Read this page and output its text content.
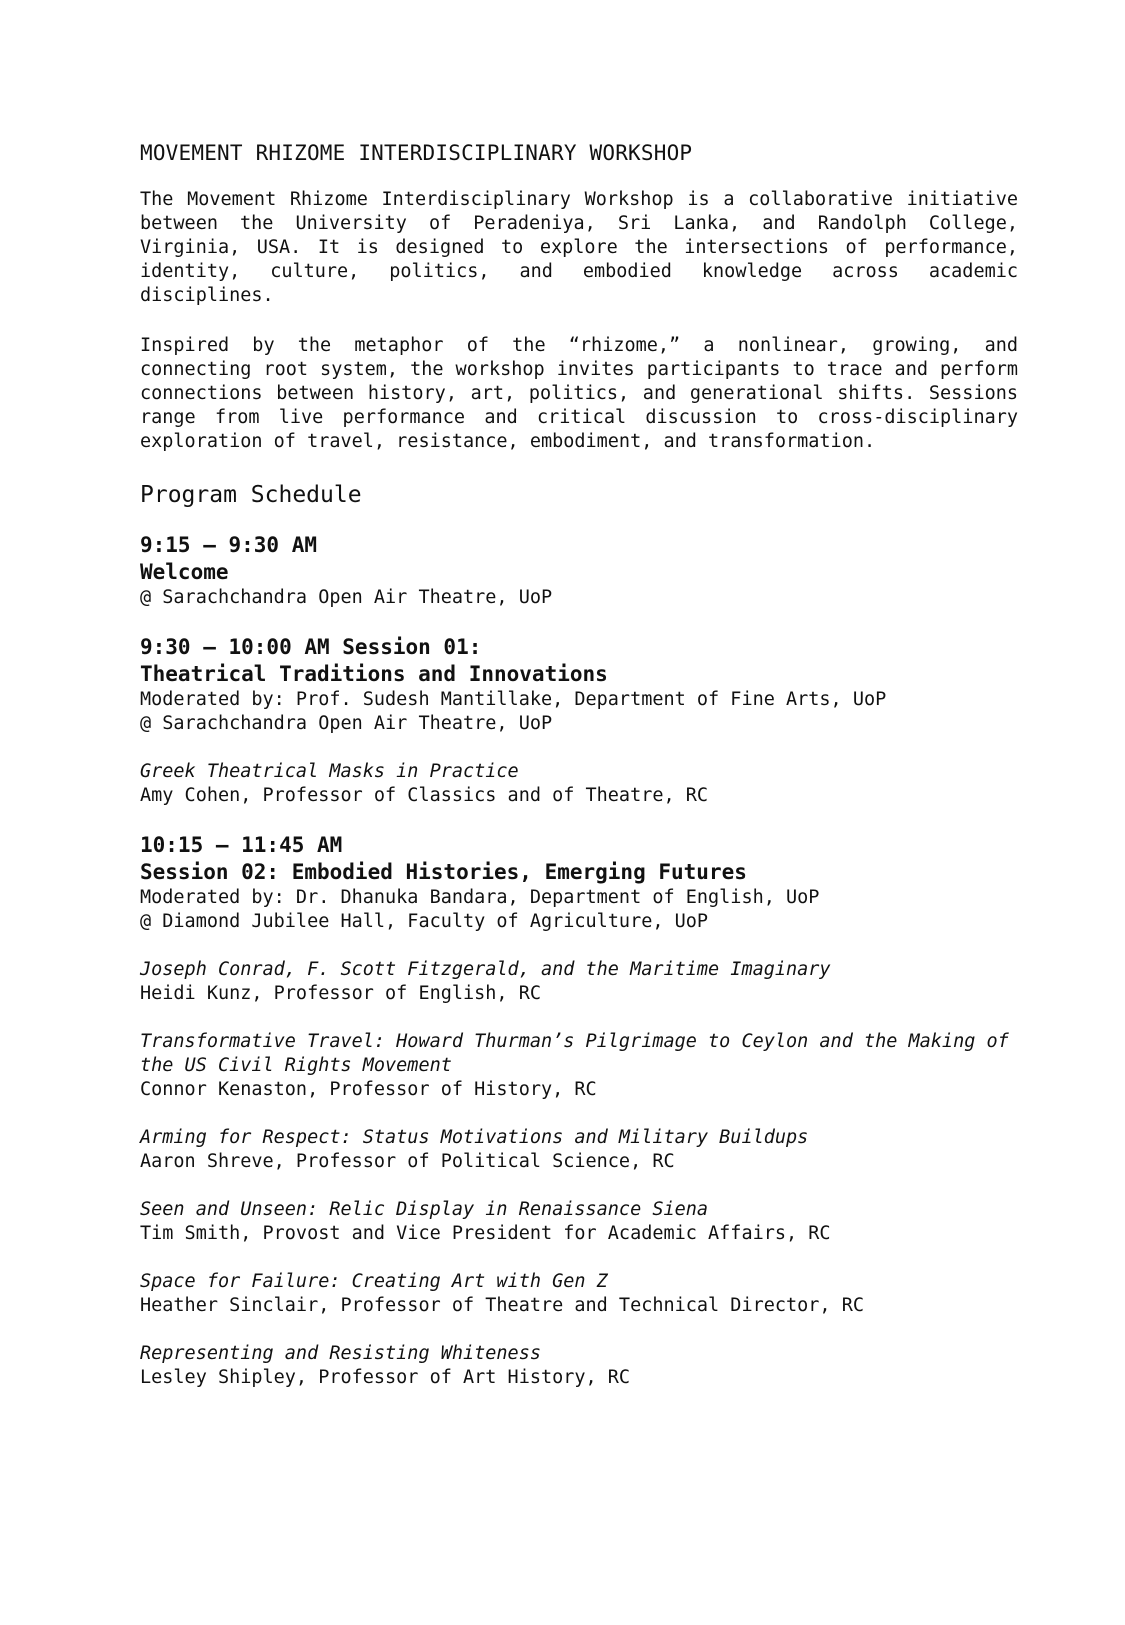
MOVEMENT RHIZOME INTERDISCIPLINARY WORKSHOP

The Movement Rhizome Interdisciplinary Workshop is a collaborative initiative between the University of Peradeniya, Sri Lanka, and Randolph College, Virginia, USA. It is designed to explore the intersections of performance, identity, culture, politics, and embodied knowledge across academic disciplines.

Inspired by the metaphor of the “rhizome,” a nonlinear, growing, and connecting root system, the workshop invites participants to trace and perform connections between history, art, politics, and generational shifts. Sessions range from live performance and critical discussion to cross-disciplinary exploration of travel, resistance, embodiment, and transformation.

Program Schedule
9:15 – 9:30 AM
Welcome
@ Sarachchandra Open Air Theatre, UoP
9:30 – 10:00 AM Session 01:
Theatrical Traditions and Innovations
Moderated by: Prof. Sudesh Mantillake, Department of Fine Arts, UoP
@ Sarachchandra Open Air Theatre, UoP
Greek Theatrical Masks in Practice
Amy Cohen, Professor of Classics and of Theatre, RC
10:15 – 11:45 AM
Session 02: Embodied Histories, Emerging Futures
Moderated by: Dr. Dhanuka Bandara, Department of English, UoP
@ Diamond Jubilee Hall, Faculty of Agriculture, UoP
Joseph Conrad, F. Scott Fitzgerald, and the Maritime Imaginary
Heidi Kunz, Professor of English, RC
Transformative Travel: Howard Thurman’s Pilgrimage to Ceylon and the Making of the US Civil Rights Movement
Connor Kenaston, Professor of History, RC
Arming for Respect: Status Motivations and Military Buildups
Aaron Shreve, Professor of Political Science, RC
Seen and Unseen: Relic Display in Renaissance Siena
Tim Smith, Provost and Vice President for Academic Affairs, RC
Space for Failure: Creating Art with Gen Z
Heather Sinclair, Professor of Theatre and Technical Director, RC
Representing and Resisting Whiteness
Lesley Shipley, Professor of Art History, RC
